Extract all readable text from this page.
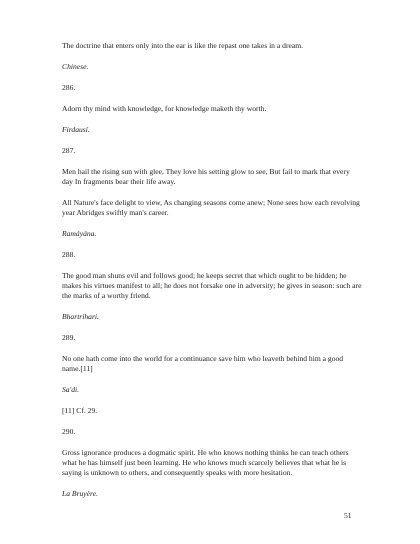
The doctrine that enters only into the ear is like the repast one takes in a dream.

Chinese.

286.

Adorn thy mind with knowledge, for knowledge maketh thy worth.

Firdausí.

287.

Men hail the rising sun with glee, They love his setting glow to see, But fail to mark that every day In fragments bear their life away.

All Nature's face delight to view, As changing seasons come anew; None sees how each revolving year Abridges swiftly man's career.

Ramáyána.

288.

The good man shuns evil and follows good; he keeps secret that which ought to be hidden; he makes his virtues manifest to all; he does not forsake one in adversity; he gives in season: such are the marks of a worthy friend.

Bhartrihari.

289.

No one hath come into the world for a continuance save him who leaveth behind him a good name.[11]

Sa'di.

[11] Cf. 29.

290.

Gross ignorance produces a dogmatic spirit. He who knows nothing thinks he can teach others what he has himself just been learning. He who knows much scarcely believes that what he is saying is unknown to others, and consequently speaks with more hesitation.

La Bruyère.

51
